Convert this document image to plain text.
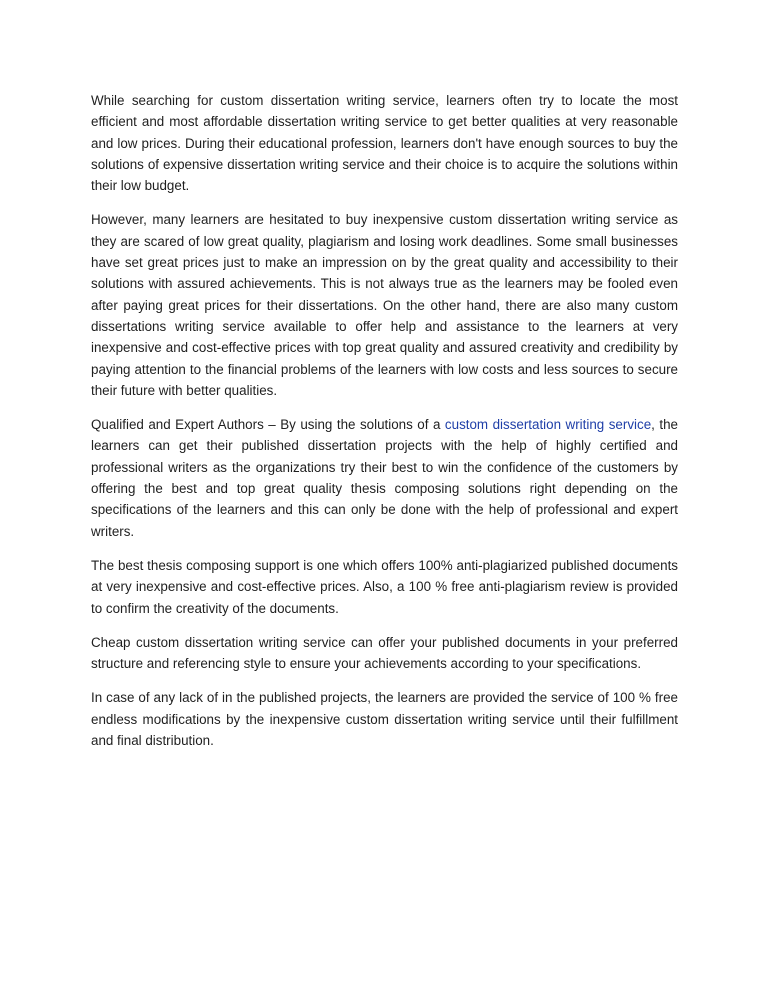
While searching for custom dissertation writing service, learners often try to locate the most efficient and most affordable dissertation writing service to get better qualities at very reasonable and low prices. During their educational profession, learners don't have enough sources to buy the solutions of expensive dissertation writing service and their choice is to acquire the solutions within their low budget.

However, many learners are hesitated to buy inexpensive custom dissertation writing service as they are scared of low great quality, plagiarism and losing work deadlines. Some small businesses have set great prices just to make an impression on by the great quality and accessibility to their solutions with assured achievements. This is not always true as the learners may be fooled even after paying great prices for their dissertations. On the other hand, there are also many custom dissertations writing service available to offer help and assistance to the learners at very inexpensive and cost-effective prices with top great quality and assured creativity and credibility by paying attention to the financial problems of the learners with low costs and less sources to secure their future with better qualities.

Qualified and Expert Authors – By using the solutions of a custom dissertation writing service, the learners can get their published dissertation projects with the help of highly certified and professional writers as the organizations try their best to win the confidence of the customers by offering the best and top great quality thesis composing solutions right depending on the specifications of the learners and this can only be done with the help of professional and expert writers.

The best thesis composing support is one which offers 100% anti-plagiarized published documents at very inexpensive and cost-effective prices. Also, a 100 % free anti-plagiarism review is provided to confirm the creativity of the documents.

Cheap custom dissertation writing service can offer your published documents in your preferred structure and referencing style to ensure your achievements according to your specifications.

In case of any lack of in the published projects, the learners are provided the service of 100 % free endless modifications by the inexpensive custom dissertation writing service until their fulfillment and final distribution.
